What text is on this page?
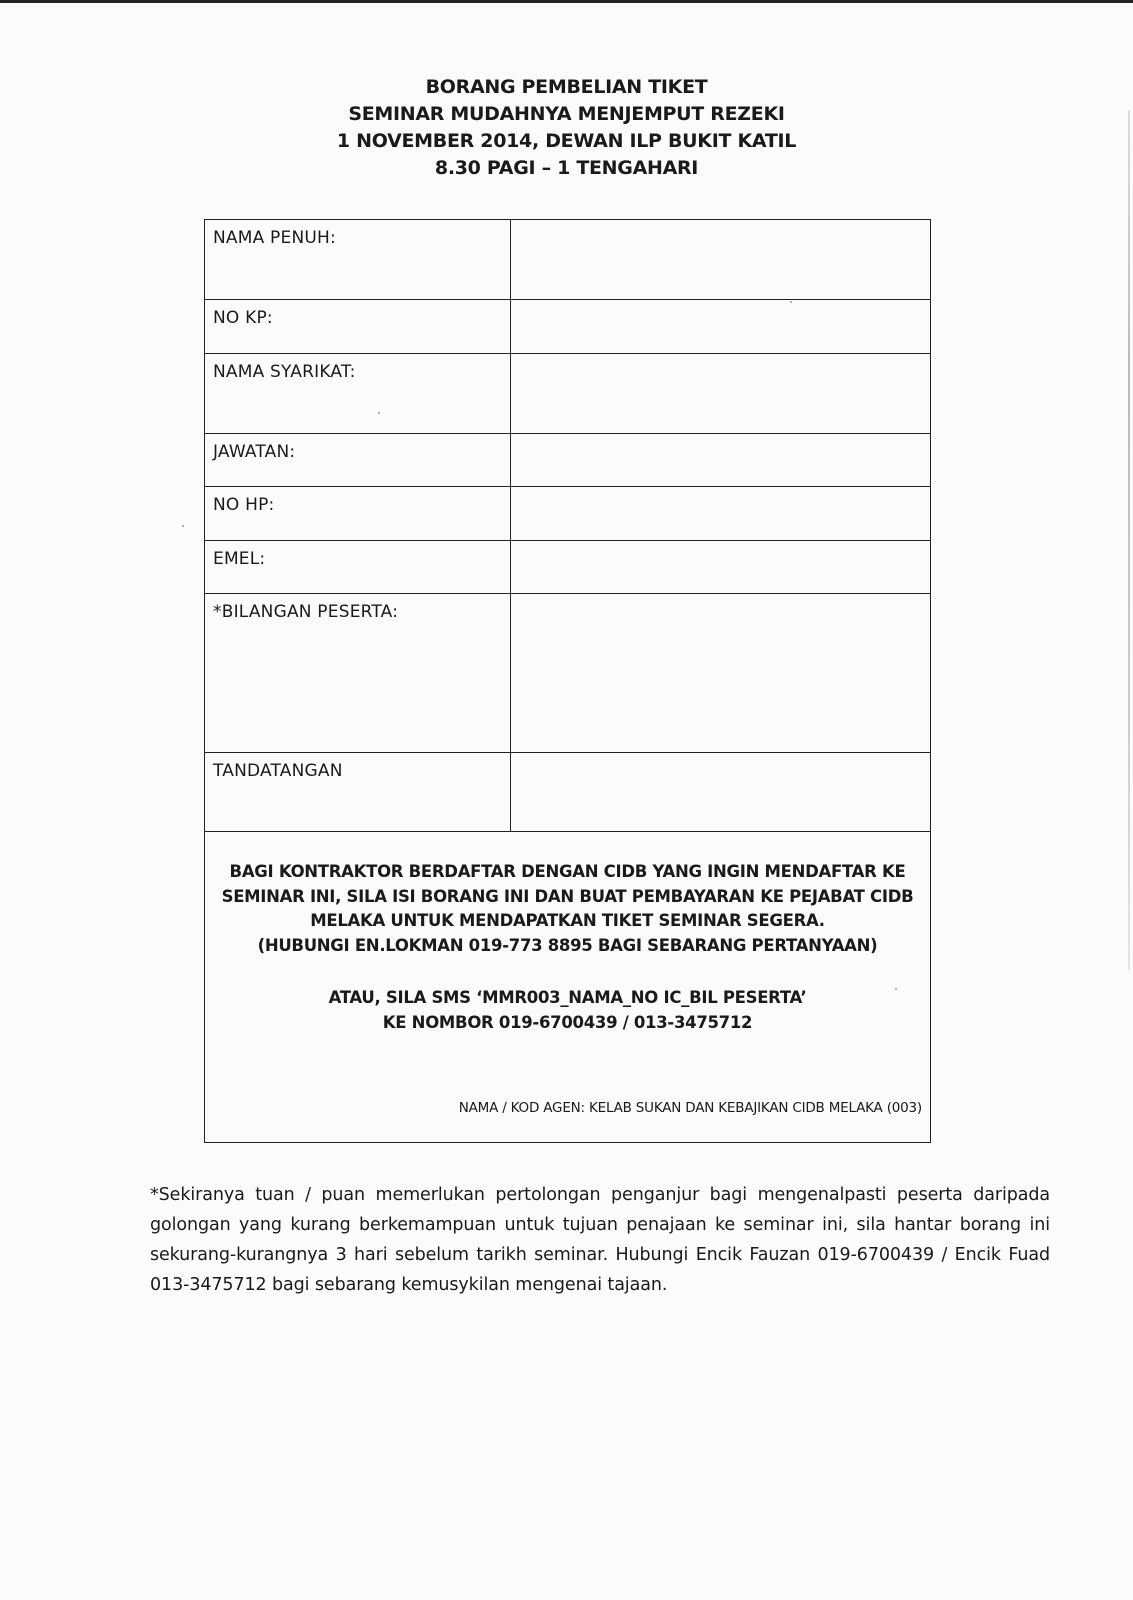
BORANG PEMBELIAN TIKET
SEMINAR MUDAHNYA MENJEMPUT REZEKI
1 NOVEMBER 2014, DEWAN ILP BUKIT KATIL
8.30 PAGI – 1 TENGAHARI
NAMA PENUH:
NO KP:
NAMA SYARIKAT:
JAWATAN:
NO HP:
EMEL:
*BILANGAN PESERTA:
TANDATANGAN
BAGI KONTRAKTOR BERDAFTAR DENGAN CIDB YANG INGIN MENDAFTAR KE
SEMINAR INI, SILA ISI BORANG INI DAN BUAT PEMBAYARAN KE PEJABAT CIDB
MELAKA UNTUK MENDAPATKAN TIKET SEMINAR SEGERA.
(HUBUNGI EN.LOKMAN 019-773 8895 BAGI SEBARANG PERTANYAAN)
ATAU, SILA SMS ‘MMR003_NAMA_NO IC_BIL PESERTA’
KE NOMBOR 019-6700439 / 013-3475712
NAMA / KOD AGEN: KELAB SUKAN DAN KEBAJIKAN CIDB MELAKA (003)
*Sekiranya tuan / puan memerlukan pertolongan penganjur bagi mengenalpasti peserta daripada golongan yang kurang berkemampuan untuk tujuan penajaan ke seminar ini, sila hantar borang ini sekurang-kurangnya 3 hari sebelum tarikh seminar. Hubungi Encik Fauzan 019-6700439 / Encik Fuad 013-3475712 bagi sebarang kemusykilan mengenai tajaan.
